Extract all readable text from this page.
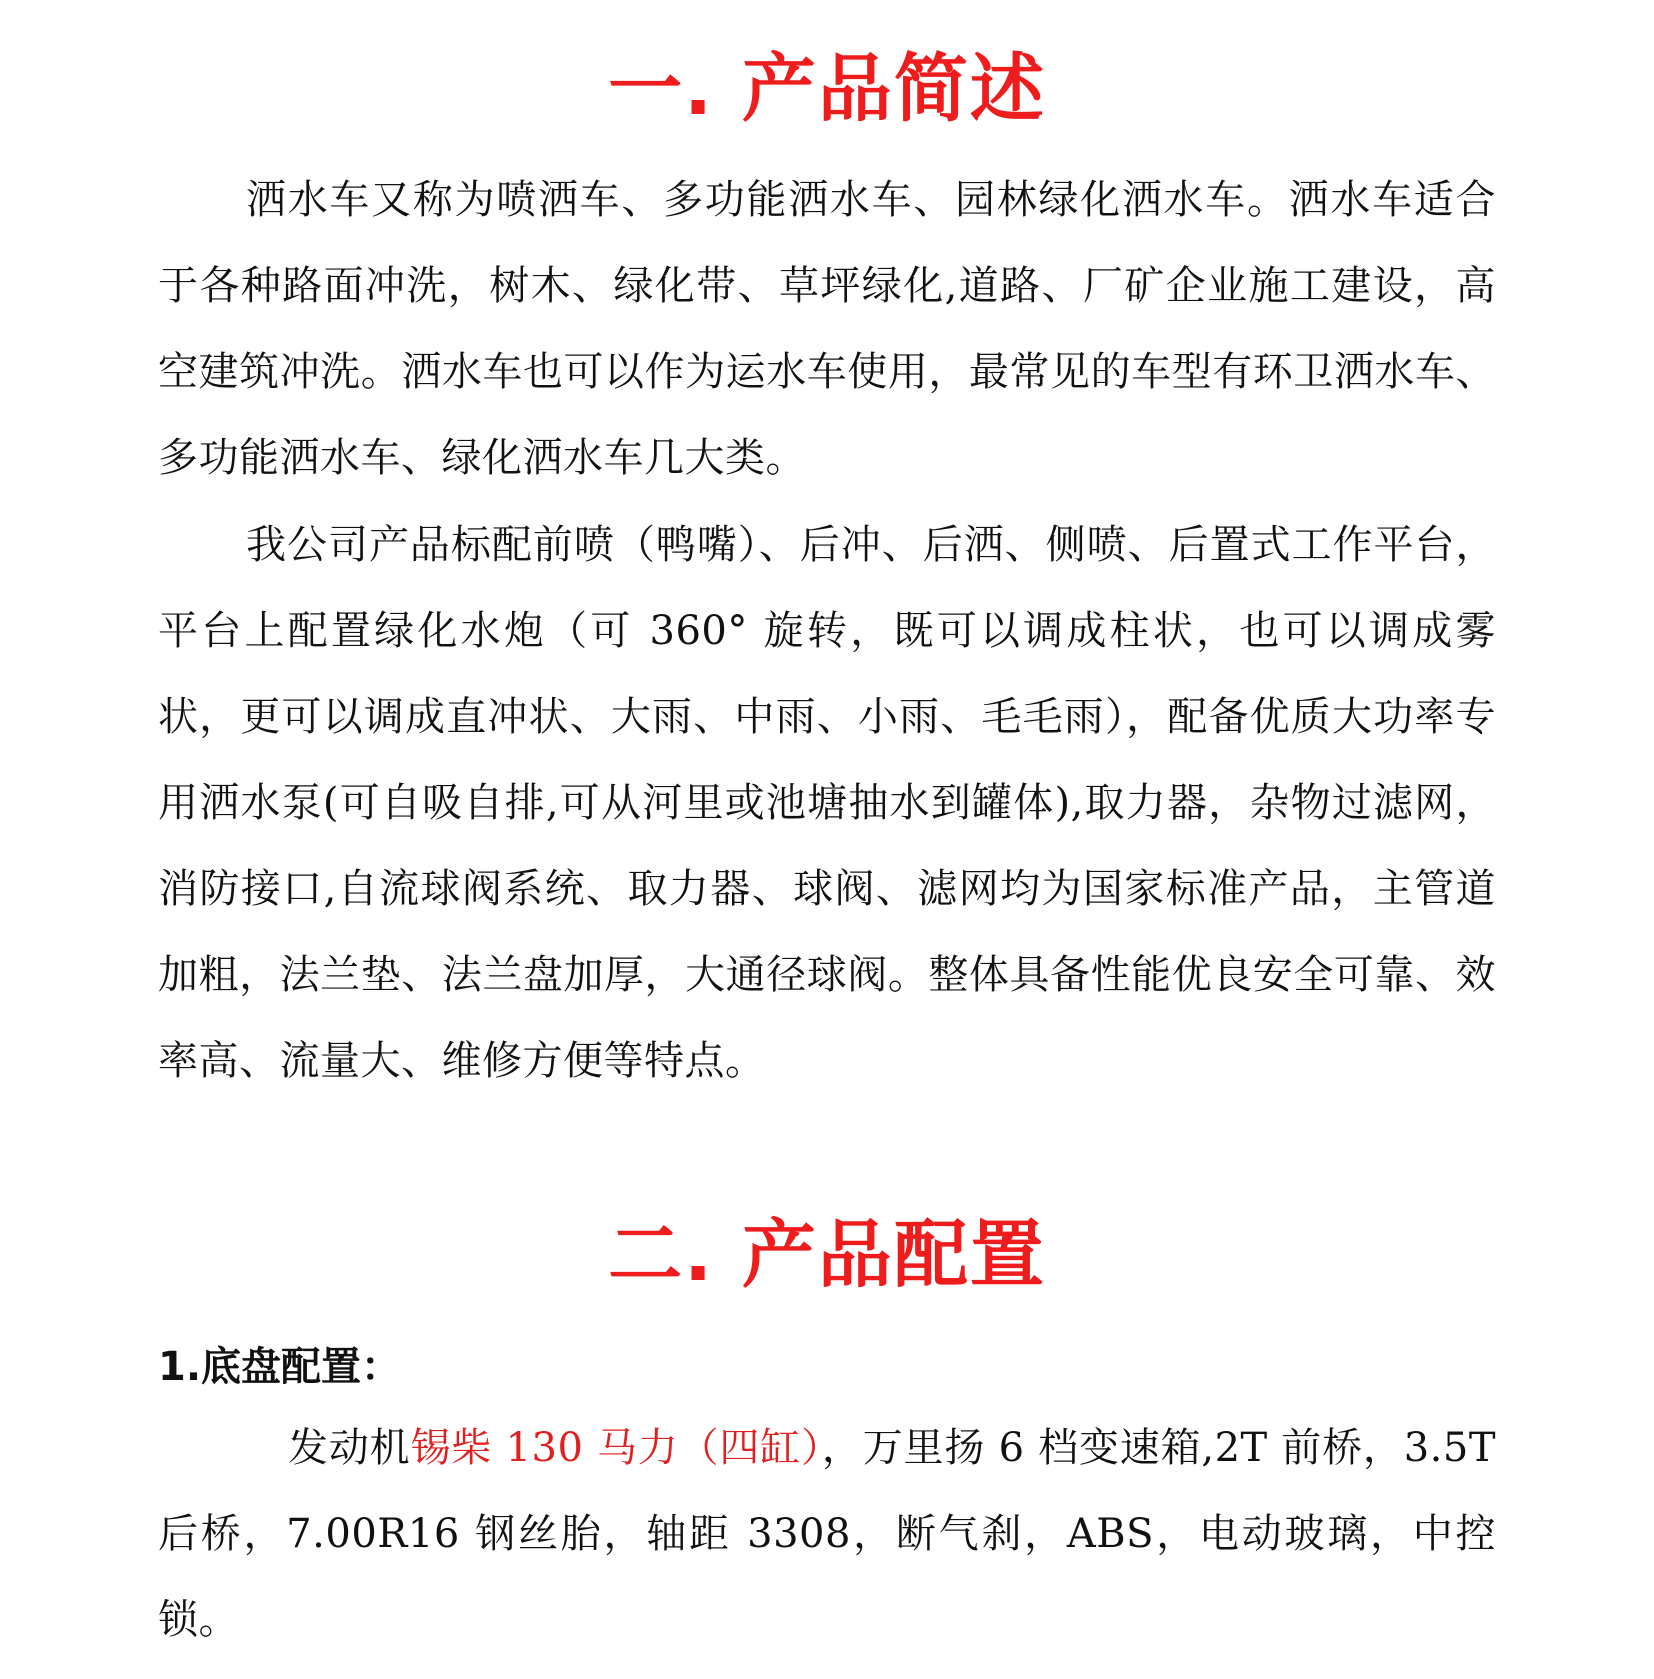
一. 产品简述

洒水车又称为喷洒车、多功能洒水车、园林绿化洒水车。洒水车适合于各种路面冲洗，树木、绿化带、草坪绿化,道路、厂矿企业施工建设，高空建筑冲洗。洒水车也可以作为运水车使用，最常见的车型有环卫洒水车、多功能洒水车、绿化洒水车几大类。

我公司产品标配前喷（鸭嘴）、后冲、后洒、侧喷、后置式工作平台，平台上配置绿化水炮（可 360° 旋转，既可以调成柱状，也可以调成雾状，更可以调成直冲状、大雨、中雨、小雨、毛毛雨），配备优质大功率专用洒水泵(可自吸自排,可从河里或池塘抽水到罐体),取力器，杂物过滤网，消防接口,自流球阀系统、取力器、球阀、滤网均为国家标准产品，主管道加粗，法兰垫、法兰盘加厚，大通径球阀。整体具备性能优良安全可靠、效率高、流量大、维修方便等特点。

二. 产品配置
1.底盘配置：

发动机锡柴 130 马力（四缸），万里扬 6 档变速箱,2T 前桥，3.5T 后桥，7.00R16 钢丝胎，轴距 3308，断气刹，ABS，电动玻璃，中控锁。
